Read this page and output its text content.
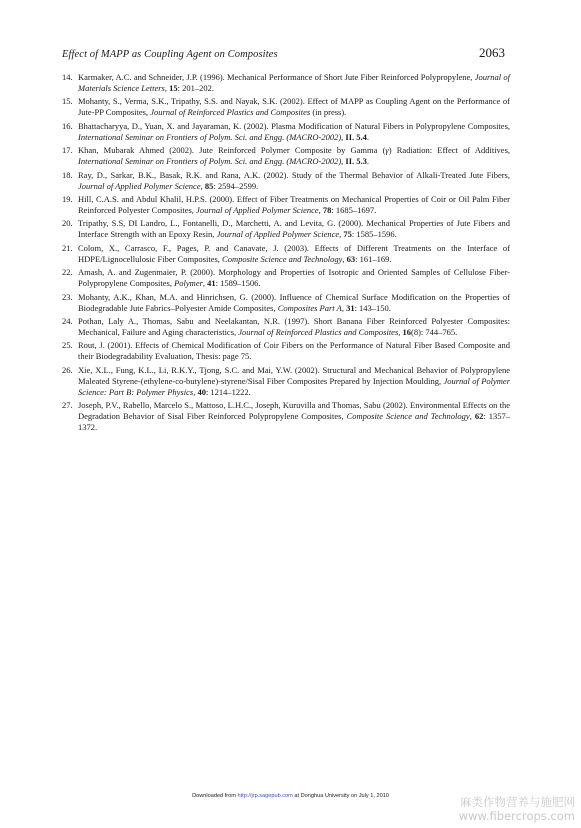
Effect of MAPP as Coupling Agent on Composites	2063
14. Karmaker, A.C. and Schneider, J.P. (1996). Mechanical Performance of Short Jute Fiber Reinforced Polypropylene, Journal of Materials Science Letters, 15: 201–202.
15. Mohanty, S., Verma, S.K., Tripathy, S.S. and Nayak, S.K. (2002). Effect of MAPP as Coupling Agent on the Performance of Jute-PP Composites, Journal of Reinforced Plastics and Composites (in press).
16. Bhattacharyya, D., Yuan, X. and Jayaraman, K. (2002). Plasma Modification of Natural Fibers in Polypropylene Composites, International Seminar on Frontiers of Polym. Sci. and Engg. (MACRO-2002), II. 5.4.
17. Khan, Mubarak Ahmed (2002). Jute Reinforced Polymer Composite by Gamma (γ) Radiation: Effect of Additives, International Seminar on Frontiers of Polym. Sci. and Engg. (MACRO-2002), II. 5.3.
18. Ray, D., Sarkar, B.K., Basak, R.K. and Rana, A.K. (2002). Study of the Thermal Behavior of Alkali-Treated Jute Fibers, Journal of Applied Polymer Science, 85: 2594–2599.
19. Hill, C.A.S. and Abdul Khalil, H.P.S. (2000). Effect of Fiber Treatments on Mechanical Properties of Coir or Oil Palm Fiber Reinforced Polyester Composites, Journal of Applied Polymer Science, 78: 1685–1697.
20. Tripathy, S.S, DI Landro, L., Fontanelli, D., Marchetti, A. and Levita, G. (2000). Mechanical Properties of Jute Fibers and Interface Strength with an Epoxy Resin, Journal of Applied Polymer Science, 75: 1585–1596.
21. Colom, X., Carrasco, F., Pages, P. and Canavate, J. (2003). Effects of Different Treatments on the Interface of HDPE/Lignocellulosic Fiber Composites, Composite Science and Technology, 63: 161–169.
22. Amash, A. and Zugenmaier, P. (2000). Morphology and Properties of Isotropic and Oriented Samples of Cellulose Fiber-Polypropylene Composites, Polymer, 41: 1589–1506.
23. Mohanty, A.K., Khan, M.A. and Hinrichsen, G. (2000). Influence of Chemical Surface Modification on the Properties of Biodegradable Jute Fabrics–Polyester Amide Composites, Composites Part A, 31: 143–150.
24. Pothan, Laly A., Thomas, Sabu and Neelakantan, N.R. (1997). Short Banana Fiber Reinforced Polyester Composites: Mechanical, Failure and Aging characteristics, Journal of Reinforced Plastics and Composites, 16(8): 744–765.
25. Rout, J. (2001). Effects of Chemical Modification of Coir Fibers on the Performance of Natural Fiber Based Composite and their Biodegradability Evaluation, Thesis: page 75.
26. Xie, X.L., Fung, K.L., Li, R.K.Y., Tjong, S.C. and Mai, Y.W. (2002). Structural and Mechanical Behavior of Polypropylene Maleated Styrene-(ethylene-co-butylene)-styrene/Sisal Fiber Composites Prepared by Injection Moulding, Journal of Polymer Science: Part B: Polymer Physics, 40: 1214–1222.
27. Joseph, P.V., Rabello, Marcelo S., Mattoso, L.H.C., Joseph, Kuruvilla and Thomas, Sabu (2002). Environmental Effects on the Degradation Behavior of Sisal Fiber Reinforced Polypropylene Composites, Composite Science and Technology, 62: 1357–1372.
Downloaded from http://jrp.sagepub.com at Donghua University on July 1, 2010	麻类作物营养与施肥网
www.fibercrops.com
